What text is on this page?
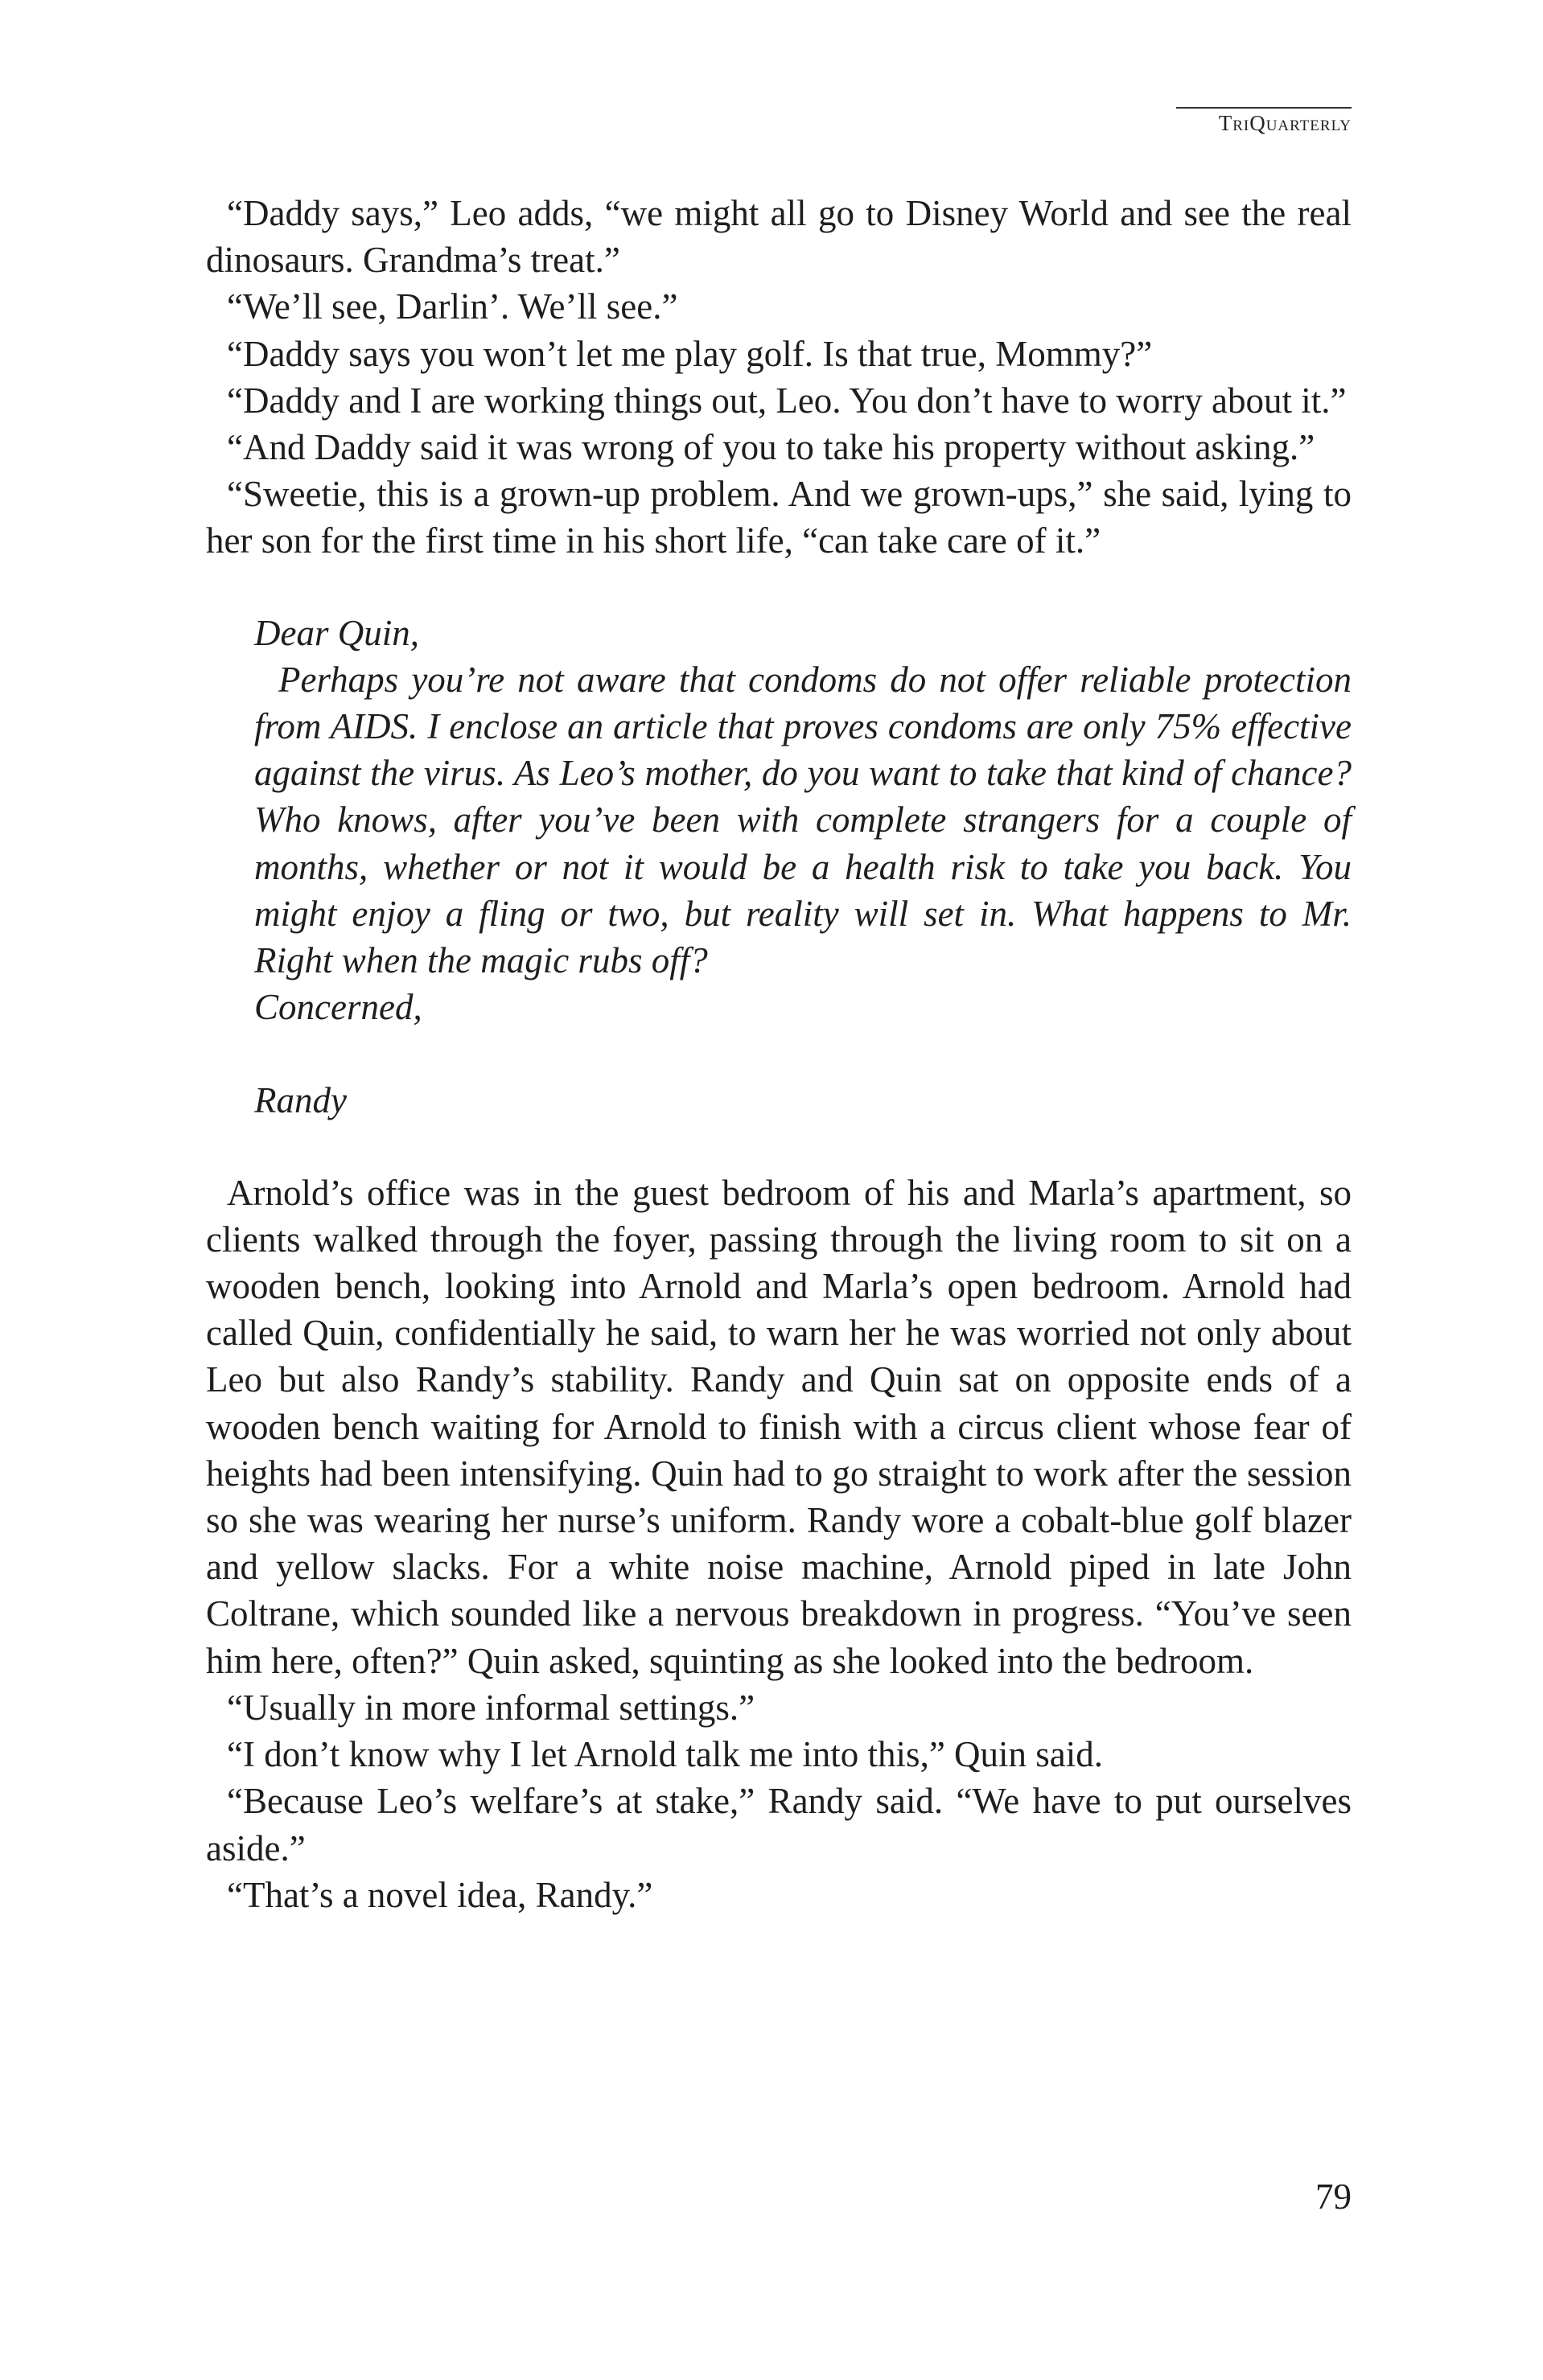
TriQuarterly

“Daddy says,” Leo adds, “we might all go to Disney World and see the real dinosaurs. Grandma’s treat.”

“We’ll see, Darlin’. We’ll see.”

“Daddy says you won’t let me play golf. Is that true, Mommy?”

“Daddy and I are working things out, Leo. You don’t have to worry about it.”

“And Daddy said it was wrong of you to take his property without asking.”

“Sweetie, this is a grown-up problem. And we grown-ups,” she said, lying to her son for the first time in his short life, “can take care of it.”

Dear Quin,

Perhaps you’re not aware that condoms do not offer reliable protection from AIDS. I enclose an article that proves condoms are only 75% effective against the virus. As Leo’s mother, do you want to take that kind of chance? Who knows, after you’ve been with complete strangers for a couple of months, whether or not it would be a health risk to take you back. You might enjoy a fling or two, but reality will set in. What happens to Mr. Right when the magic rubs off?

Concerned,

Randy

Arnold’s office was in the guest bedroom of his and Marla’s apartment, so clients walked through the foyer, passing through the living room to sit on a wooden bench, looking into Arnold and Marla’s open bedroom. Arnold had called Quin, confidentially he said, to warn her he was worried not only about Leo but also Randy’s stability. Randy and Quin sat on opposite ends of a wooden bench waiting for Arnold to finish with a circus client whose fear of heights had been intensifying. Quin had to go straight to work after the session so she was wearing her nurse’s uniform. Randy wore a cobalt-blue golf blazer and yellow slacks. For a white noise machine, Arnold piped in late John Coltrane, which sounded like a nervous breakdown in progress. “You’ve seen him here, often?” Quin asked, squinting as she looked into the bedroom.

“Usually in more informal settings.”

“I don’t know why I let Arnold talk me into this,” Quin said.

“Because Leo’s welfare’s at stake,” Randy said. “We have to put ourselves aside.”

“That’s a novel idea, Randy.”

79
